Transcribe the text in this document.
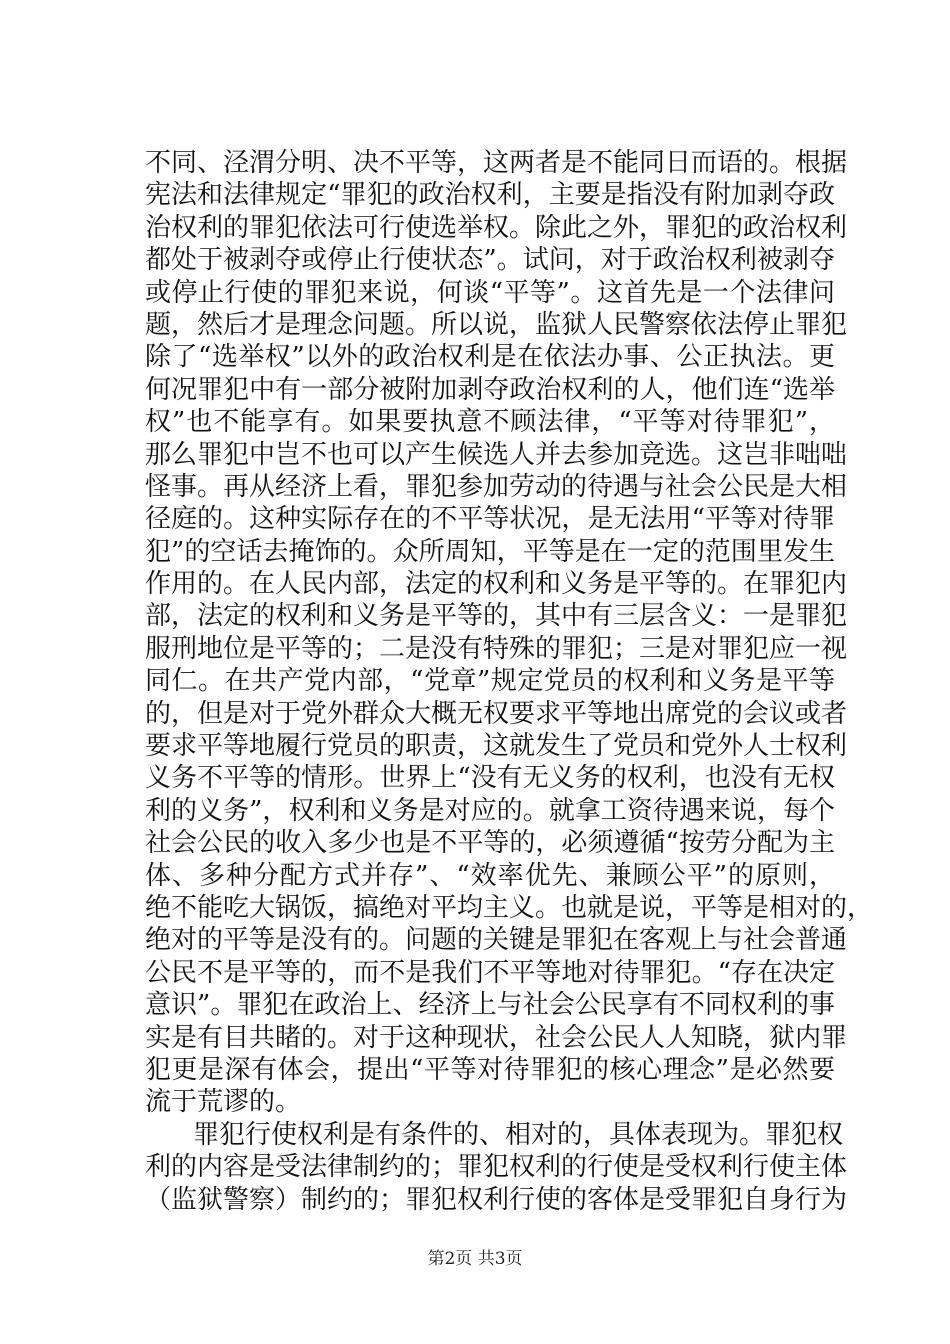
不同、泾渭分明、决不平等，这两者是不能同日而语的。根据
宪法和法律规定“罪犯的政治权利，主要是指没有附加剥夺政
治权利的罪犯依法可行使选举权。除此之外，罪犯的政治权利
都处于被剥夺或停止行使状态”。试问，对于政治权利被剥夺
或停止行使的罪犯来说，何谈“平等”。这首先是一个法律问
题，然后才是理念问题。所以说，监狱人民警察依法停止罪犯
除了“选举权”以外的政治权利是在依法办事、公正执法。更
何况罪犯中有一部分被附加剥夺政治权利的人，他们连“选举
权”也不能享有。如果要执意不顾法律，“平等对待罪犯”，
那么罪犯中岂不也可以产生候选人并去参加竞选。这岂非咄咄
怪事。再从经济上看，罪犯参加劳动的待遇与社会公民是大相
径庭的。这种实际存在的不平等状况，是无法用“平等对待罪
犯”的空话去掩饰的。众所周知，平等是在一定的范围里发生
作用的。在人民内部，法定的权利和义务是平等的。在罪犯内
部，法定的权利和义务是平等的，其中有三层含义：一是罪犯
服刑地位是平等的；二是没有特殊的罪犯；三是对罪犯应一视
同仁。在共产党内部，“党章”规定党员的权利和义务是平等
的，但是对于党外群众大概无权要求平等地出席党的会议或者
要求平等地履行党员的职责，这就发生了党员和党外人士权利
义务不平等的情形。世界上“没有无义务的权利，也没有无权
利的义务”，权利和义务是对应的。就拿工资待遇来说，每个
社会公民的收入多少也是不平等的，必须遵循“按劳分配为主
体、多种分配方式并存”、“效率优先、兼顾公平”的原则，
绝不能吃大锅饭，搞绝对平均主义。也就是说，平等是相对的，
绝对的平等是没有的。问题的关键是罪犯在客观上与社会普通
公民不是平等的，而不是我们不平等地对待罪犯。“存在决定
意识”。罪犯在政治上、经济上与社会公民享有不同权利的事
实是有目共睹的。对于这种现状，社会公民人人知晓，狱内罪
犯更是深有体会，提出“平等对待罪犯的核心理念”是必然要
流于荒谬的。
罪犯行使权利是有条件的、相对的，具体表现为。罪犯权
利的内容是受法律制约的；罪犯权利的行使是受权利行使主体
（监狱警察）制约的；罪犯权利行使的客体是受罪犯自身行为
第2页 共3页
